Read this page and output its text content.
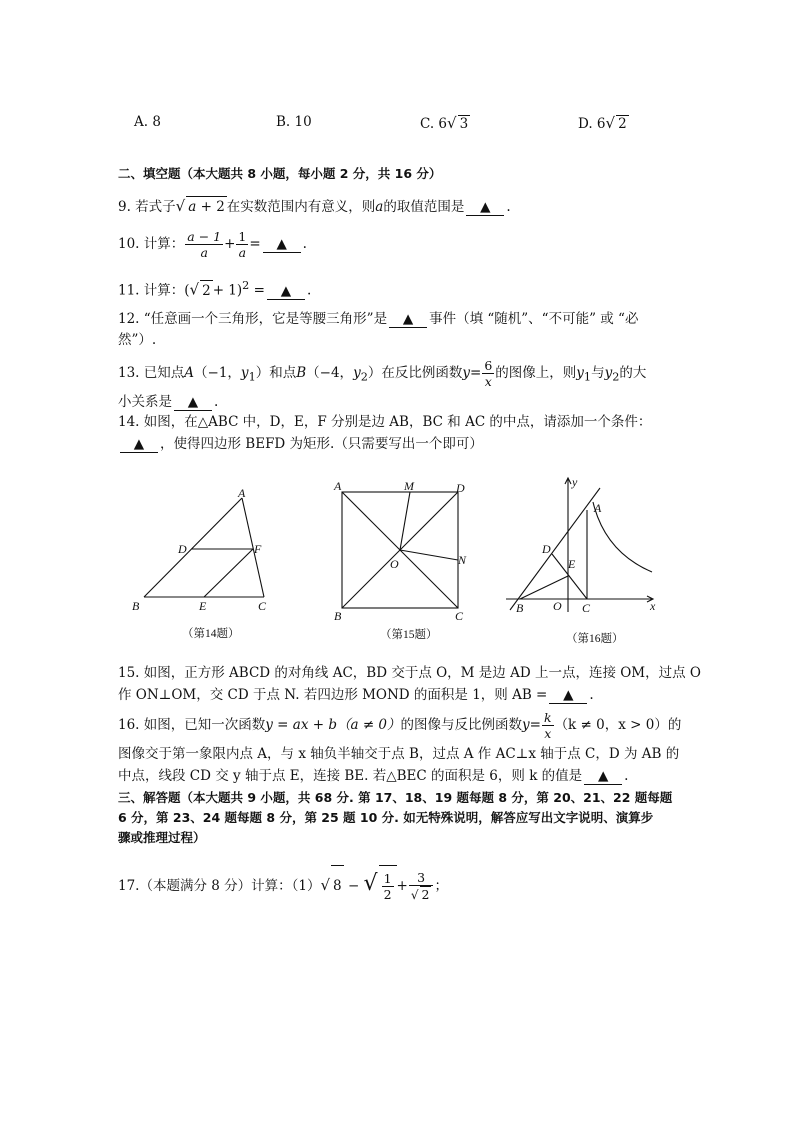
A. 8	B. 10	C. 6√ 3	D. 6√ 2
二、填空题（本大题共 8 小题，每小题 2 分，共 16 分）
9. 若式子√ a + 2 在实数范围内有意义，则a的取值范围是 ▲ .
10. 计算： $\frac{a - 1}{a} + \frac{1}{a}$ = ▲ .
11. 计算：(√ 2 + 1)$^2$ = ▲ .
12. “任意画一个三角形，它是等腰三角形”是 ▲ 事件（填 “随机”、“不可能” 或 “必
然”）.
13. 已知点A（−1，$y_1$）和点B（−4，$y_2$）在反比例函数$y= \frac{6}{x}$ 的图像上，则$y_1$与$y_2$的大
小关系是 ▲ .
14. 如图，在△ABC 中，D，E，F 分别是边 AB，BC 和 AC 的中点，请添加一个条件：
▲ ，使得四边形 BEFD 为矩形.（只需要写出一个即可）
A
B	C
D
E
F
（第14题）
A
B	C
D
M
N
O
（第15题）
A
B	C
D
E
O	x
y
（第16题）
15. 如图，正方形 ABCD 的对角线 AC，BD 交于点 O，M 是边 AD 上一点，连接 OM，过点 O
作 ON⊥OM，交 CD 于点 N. 若四边形 MOND 的面积是 1，则 AB = ▲ .
16. 如图，已知一次函数y = ax + b（a ≠ 0）的图像与反比例函数$y= \frac{k}{x} (k \ne 0$，x > 0）的
图像交于第一象限内点 A，与 x 轴负半轴交于点 B，过点 A 作 AC⊥x 轴于点 C，D 为 AB 的
中点，线段 CD 交 y 轴于点 E，连接 BE. 若△BEC 的面积是 6，则 k 的值是 ▲ .
三、解答题（本大题共 9 小题，共 68 分. 第 17、18、19 题每题 8 分，第 20、21、22 题每题
6 分，第 23、24 题每题 8 分，第 25 题 10 分. 如无特殊说明，解答应写出文字说明、演算步
骤或推理过程）
17.（本题满分 8 分）计算：（1）√ 8 − √ $\frac{1}{2} + \frac{3}{√ 2}$ ；
